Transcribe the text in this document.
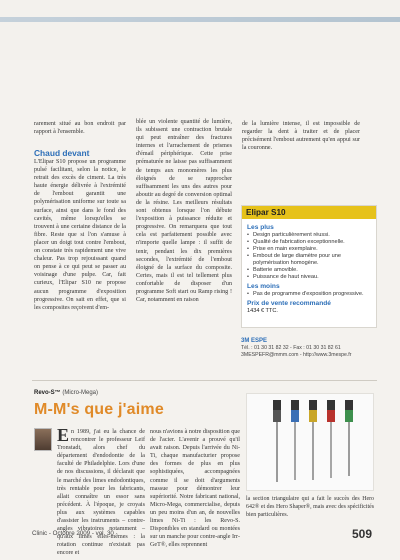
rarement situé au bon endroit par rapport à l'ensemble.

Chaud devant

L'Elipar S10 propose un programme pulsé facilitant, selon la notice, le retrait des excès de ciment. La très haute énergie délivrée à l'extrémité de l'embout garantit une polymérisation uniforme sur toute sa surface, ainsi que dans le fond des cavités, même lorsqu'elles se trouvent à une certaine distance de la fibre. Reste que si l'on s'amuse à placer un doigt tout contre l'embout, on constate très rapidement une vive chaleur. Pas trop rejouissant quand on pense à ce qui peut se passer au voisinage d'une pulpe. Car, fait curieux, l'Elipar S10 ne propose aucun programme d'exposition progressive. On sait en effet, que si les composites reçoivent d'em-

blée un violente quantité de lumière, ils subissent une contraction brutale qui peut entraîner des fractures internes et l'arrachement de prismes d'émail périphérique. Cette prise prématurée ne laisse pas suffisamment de temps aux monomères les plus éloignés de se rapprocher suffisamment les uns des autres pour aboutir au degré de conversion optimal de la résine. Les meilleurs résultats sont obtenus lorsque l'on débute l'exposition à puissance réduite et progressive. On remarquera que tout cela est parfaitement possible avec n'importe quelle lampe : il suffit de tenir, pendant les dix premières secondes, l'extrémité de l'embout éloigné de la surface du composite. Certes, mais il est tel tellement plus confortable de disposer d'un programme Soft start ou Ramp rising ! Car, notamment en raison

de la lumière intense, il est impossible de regarder la dent à traiter et de placer précisément l'embout autrement qu'en appui sur la couronne.

Elipar S10
Les plus
• Design particulièrement réussi.
• Qualité de fabrication exceptionnelle.
• Prise en main exemplaire.
• Embout de large diamètre pour une polymérisation homogène.
• Batterie amovible.
• Puissance de haut niveau.
Les moins
• Pas de programme d'exposition progressive.
Prix de vente recommandé
1434 € TTC.
3M ESPE
Tél. : 01 30 31 82 32 - Fax : 01 30 31 82 61
3MESPEFR@mmm.com - http://www.3mespe.fr
Revo-S™ (Micro-Mega)
M-M's que j'aime
En 1989, j'ai eu la chance de rencontrer le professeur Leif Tronstadt, alors chef du département d'endodontie de la faculté de Philadelphie. Lors d'une de nos discussions, il déclarait que le marché des limes endodontiques, très rentable pour les fabricants, allait connaître un essor sans précédent. À l'époque, je croyais plus aux systèmes capables d'assister les instruments – contre-angles vibratoires notamment – qu'aux limes elles-mêmes : la rotation continue n'existait pas encore et

nous n'avions à notre disposition que de l'acier. L'avenir a prouvé qu'il avait raison. Depuis l'arrivée du Ni-Ti, chaque manufacturier propose des formes de plus en plus sophistiquées, accompagnées comme il se doit d'arguments massue pour démontrer leur supériorité. Notre fabricant national, Micro-Mega, commercialise, depuis un peu moins d'un an, de nouvelles limes Ni-Ti : les Revo-S. Disponibles en standard ou montées sur un manche pour contre-angle Irr-GeT®, elles reprennent

la section triangulaire qui a fait le succès des Hero 642® et des Hero Shaper®, mais avec des spécificités bien particulières.
Clinic - Octobre 2009 - vol. 30	509
